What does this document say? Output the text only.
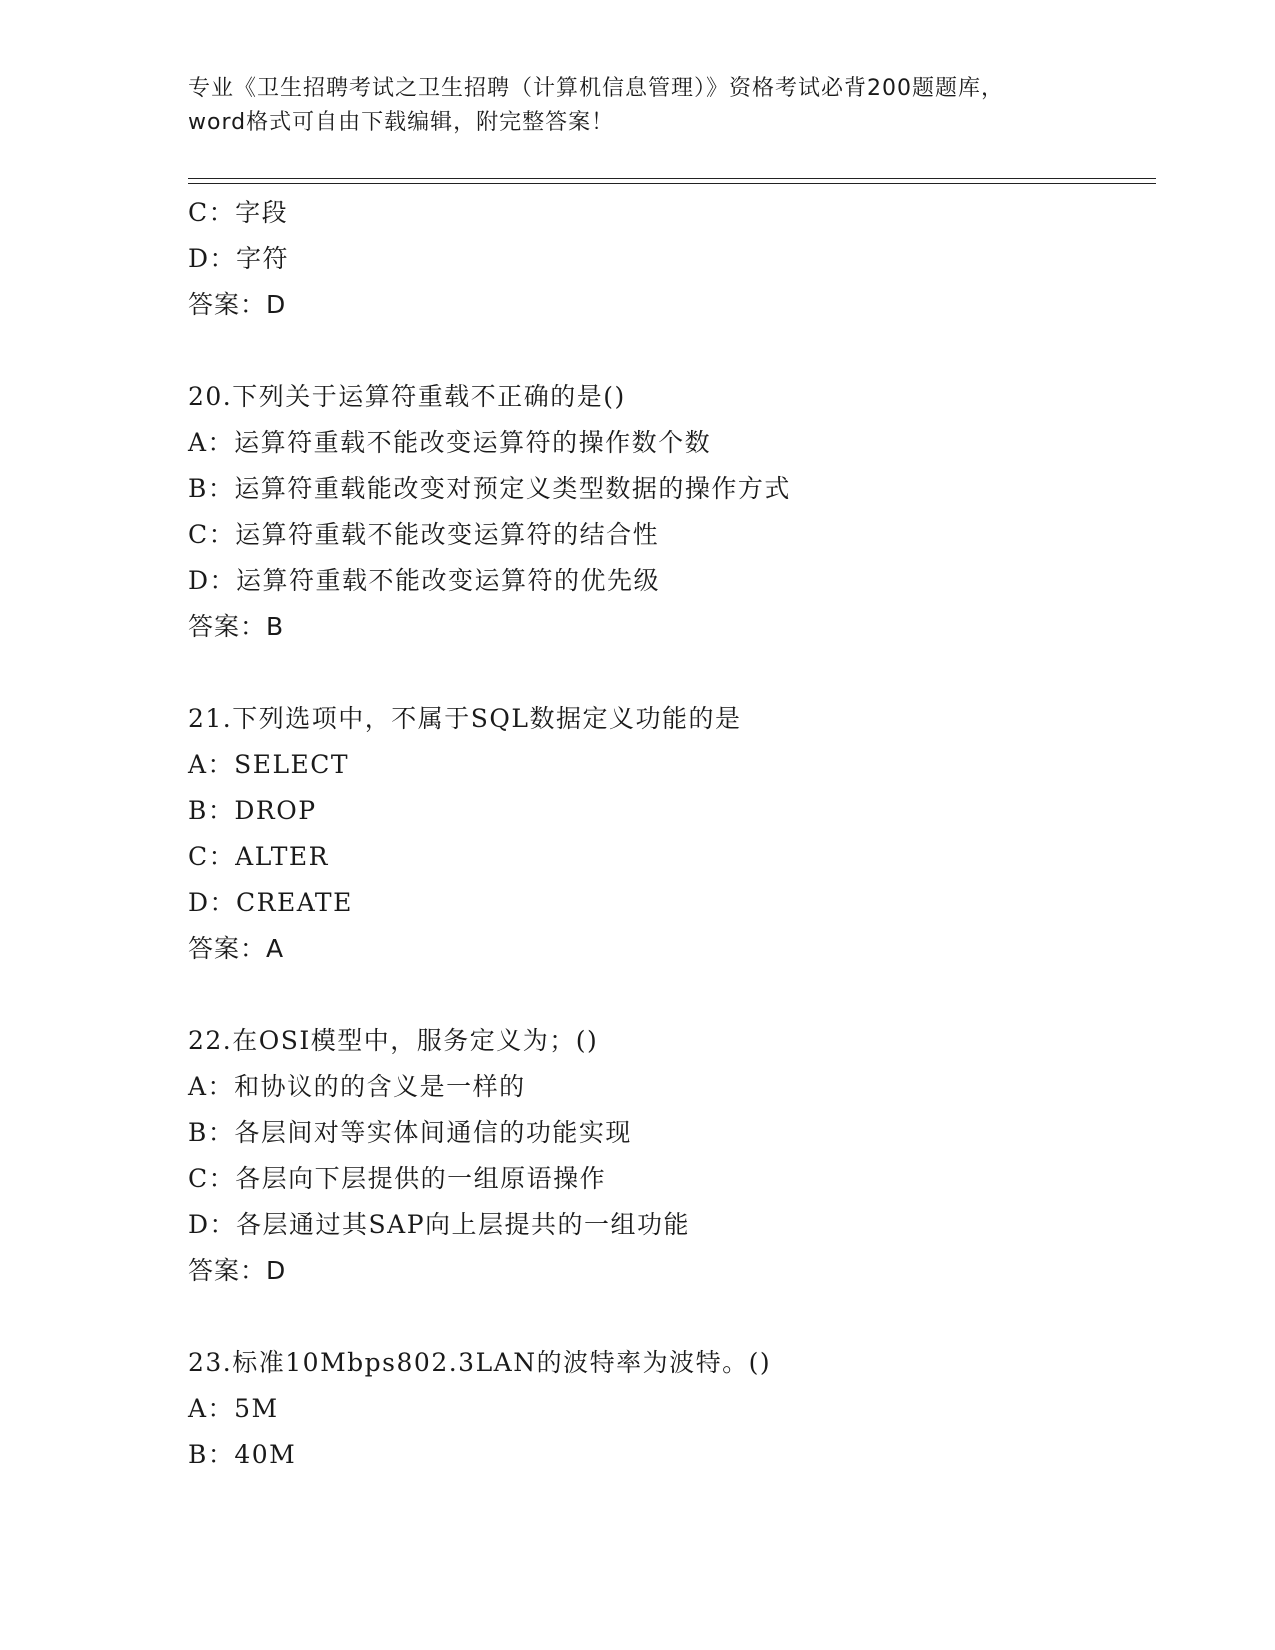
专业《卫生招聘考试之卫生招聘（计算机信息管理）》资格考试必背200题题库，
word格式可自由下载编辑，附完整答案！
C：字段
D：字符
答案：D
20.下列关于运算符重载不正确的是()
A：运算符重载不能改变运算符的操作数个数
B：运算符重载能改变对预定义类型数据的操作方式
C：运算符重载不能改变运算符的结合性
D：运算符重载不能改变运算符的优先级
答案：B
21.下列选项中，不属于SQL数据定义功能的是
A：SELECT
B：DROP
C：ALTER
D：CREATE
答案：A
22.在OSI模型中，服务定义为；()
A：和协议的的含义是一样的
B：各层间对等实体间通信的功能实现
C：各层向下层提供的一组原语操作
D：各层通过其SAP向上层提共的一组功能
答案：D
23.标准10Mbps802.3LAN的波特率为波特。()
A：5M
B：40M
